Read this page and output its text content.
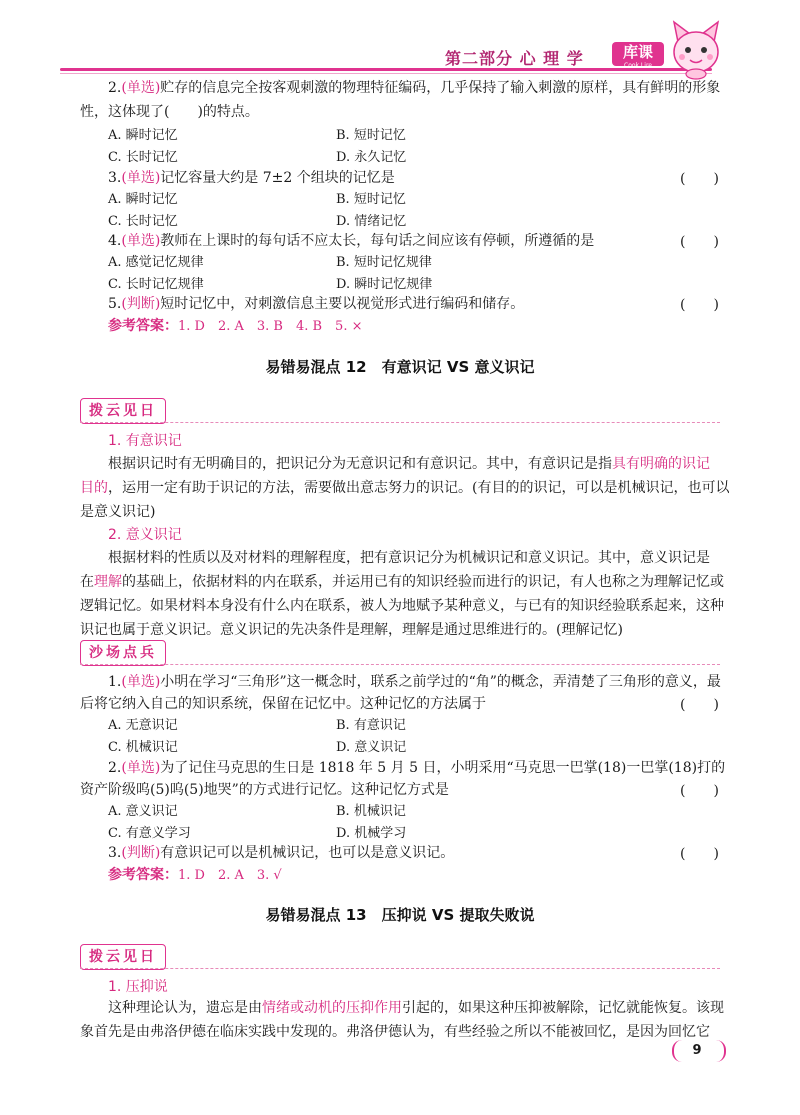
第二部分 心 理 学	库课
Cook Lire
2.(单选)贮存的信息完全按客观刺激的物理特征编码，几乎保持了输入刺激的原样，具有鲜明的形象
性，这体现了(　　)的特点。
A. 瞬时记忆	B. 短时记忆
C. 长时记忆	D. 永久记忆
3.(单选)记忆容量大约是 7±2 个组块的记忆是	(　　)
A. 瞬时记忆	B. 短时记忆
C. 长时记忆	D. 情绪记忆
4.(单选)教师在上课时的每句话不应太长，每句话之间应该有停顿，所遵循的是	(　　)
A. 感觉记忆规律	B. 短时记忆规律
C. 长时记忆规律	D. 瞬时记忆规律
5.(判断)短时记忆中，对刺激信息主要以视觉形式进行编码和储存。	(　　)
参考答案：1. D　2. A　3. B　4. B　5. ×
易错易混点 12　有意识记 VS 意义识记
拨云见日
1. 有意识记
根据识记时有无明确目的，把识记分为无意识记和有意识记。其中，有意识记是指具有明确的识记
目的，运用一定有助于识记的方法，需要做出意志努力的识记。(有目的的识记，可以是机械识记，也可以
是意义识记)
2. 意义识记
根据材料的性质以及对材料的理解程度，把有意识记分为机械识记和意义识记。其中，意义识记是
在理解的基础上，依据材料的内在联系，并运用已有的知识经验而进行的识记，有人也称之为理解记忆或
逻辑记忆。如果材料本身没有什么内在联系，被人为地赋予某种意义，与已有的知识经验联系起来，这种
识记也属于意义识记。意义识记的先决条件是理解，理解是通过思维进行的。(理解记忆)
沙场点兵
1.(单选)小明在学习“三角形”这一概念时，联系之前学过的“角”的概念，弄清楚了三角形的意义，最
后将它纳入自己的知识系统，保留在记忆中。这种记忆的方法属于	(　　)
A. 无意识记	B. 有意识记
C. 机械识记	D. 意义识记
2.(单选)为了记住马克思的生日是 1818 年 5 月 5 日，小明采用“马克思一巴掌(18)一巴掌(18)打的
资产阶级呜(5)呜(5)地哭”的方式进行记忆。这种记忆方式是	(　　)
A. 意义识记	B. 机械识记
C. 有意义学习	D. 机械学习
3.(判断)有意识记可以是机械识记，也可以是意义识记。	(　　)
参考答案：1. D　2. A　3. √
易错易混点 13　压抑说 VS 提取失败说
拨云见日
1. 压抑说
这种理论认为，遗忘是由情绪或动机的压抑作用引起的，如果这种压抑被解除，记忆就能恢复。该现
象首先是由弗洛伊德在临床实践中发现的。弗洛伊德认为，有些经验之所以不能被回忆，是因为回忆它
9
